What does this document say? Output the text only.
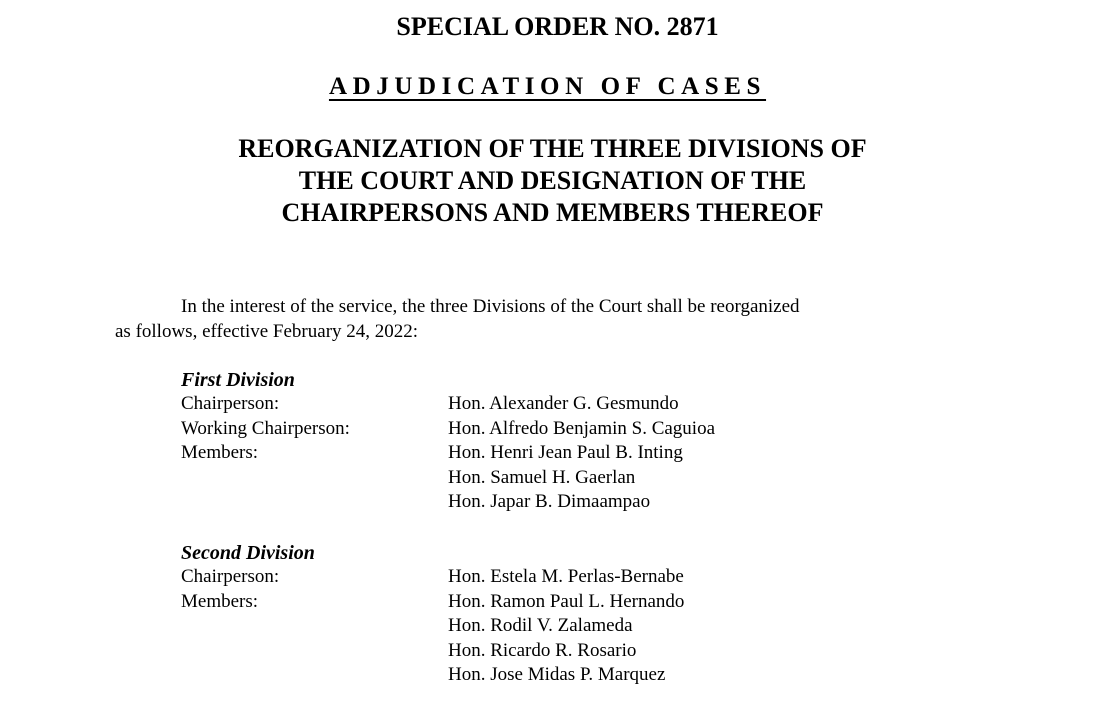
SPECIAL ORDER NO. 2871
ADJUDICATION OF CASES
REORGANIZATION OF THE THREE DIVISIONS OF
THE COURT AND DESIGNATION OF THE
CHAIRPERSONS AND MEMBERS THEREOF
In the interest of the service, the three Divisions of the Court shall be reorganized
as follows, effective February 24, 2022:
First Division
Chairperson:	Hon. Alexander G. Gesmundo
Working Chairperson:	Hon. Alfredo Benjamin S. Caguioa
Members:	Hon. Henri Jean Paul B. Inting
Hon. Samuel H. Gaerlan
Hon. Japar B. Dimaampao
Second Division
Chairperson:	Hon. Estela M. Perlas-Bernabe
Members:	Hon. Ramon Paul L. Hernando
Hon. Rodil V. Zalameda
Hon. Ricardo R. Rosario
Hon. Jose Midas P. Marquez
